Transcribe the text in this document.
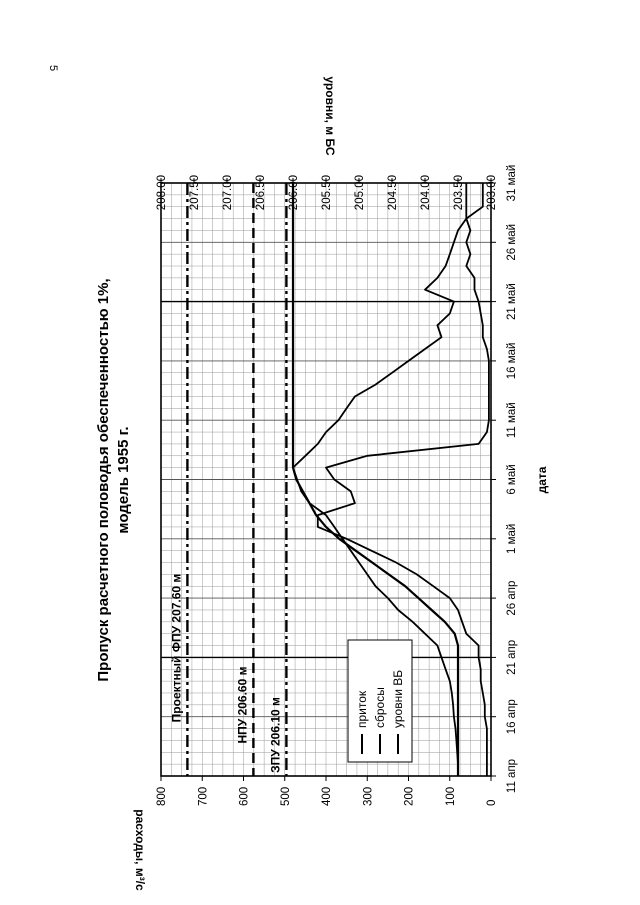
5
800	700	600	500	400	300	200	100	0
208.00 207.50 207.00 206.50 206.00 205.50 205.00 204.50 204.00 203.50 203.00
11 апр
16 апр
21 апр
26 апр
1 май
6 май
11 май
16 май
21 май
26 май
31 май
дата
расходы, м³/с
уровни, м БС
Пропуск расчетного половодья обеспеченностью 1%, модель 1955 г.
Проектный ФПУ 207.60 м	НПУ 206.60 м ЗПУ 206.10 м	приток сбросы уровни ВБ
